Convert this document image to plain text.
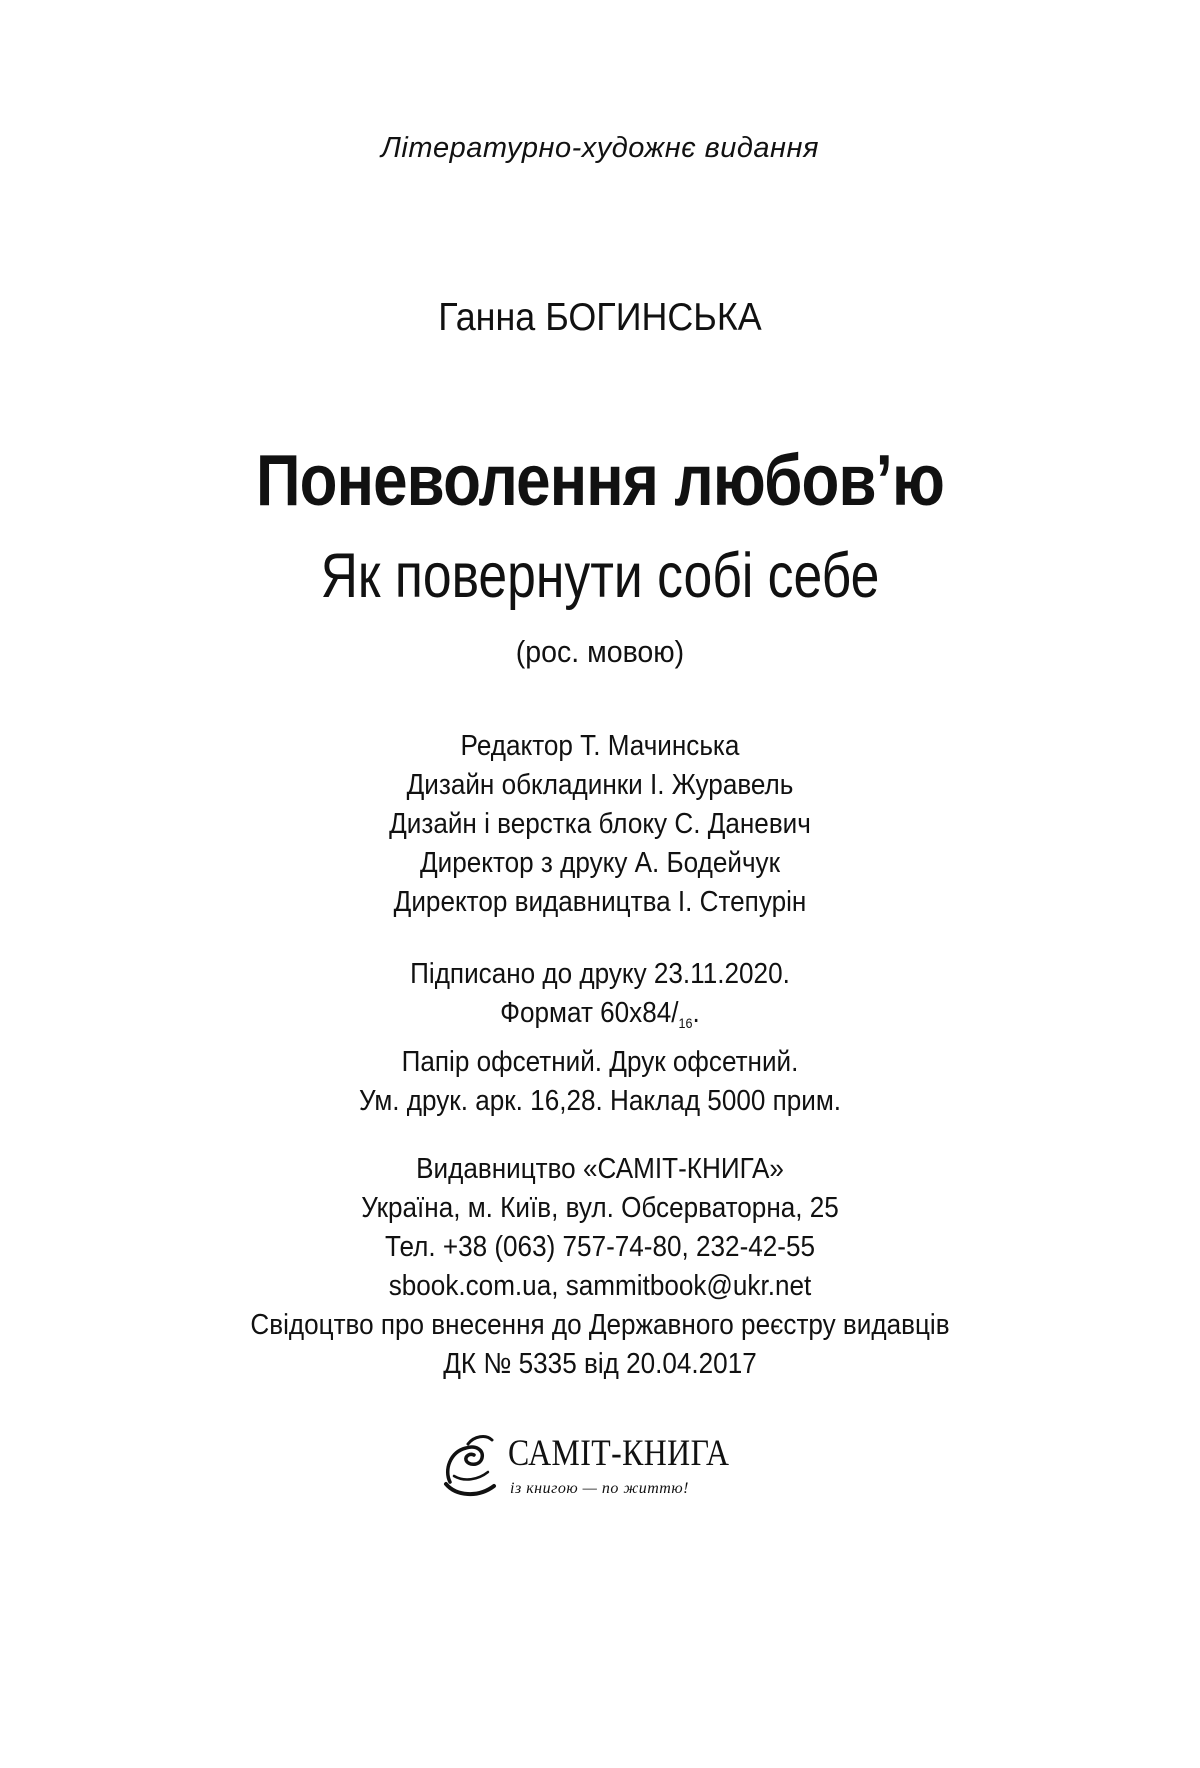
Літературно-художнє видання
Ганна БОГИНСЬКА
Поневолення любов’ю
Як повернути собі себе
(рос. мовою)
Редактор Т. Мачинська
Дизайн обкладинки І. Журавель
Дизайн і верстка блоку С. Даневич
Директор з друку А. Бодейчук
Директор видавництва І. Степурін
Підписано до друку 23.11.2020.
Формат $60х84/_{16}$.
Папір офсетний. Друк офсетний.
Ум. друк. арк. 16,28. Наклад 5000 прим.
Видавництво «САМІТ-КНИГА»
Україна, м. Київ, вул. Обсерваторна, 25
Тел. +38 (063) 757-74-80, 232-42-55
sbook.com.ua, sammitbook@ukr.net
Свідоцтво про внесення до Державного реєстру видавців
ДК № 5335 від 20.04.2017
САМІТ-КНИГА
із книгою — по життю!
